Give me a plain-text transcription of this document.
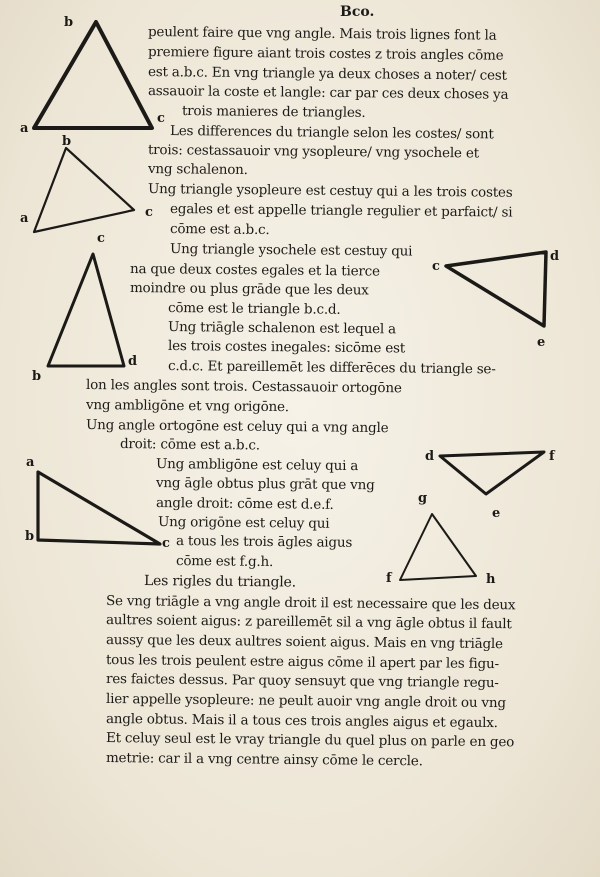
b
a
c
b
a	c
c
b
d
c
d
e
a
b	c
d	f
e
g
f	h
Bco.
peulent faire que vng angle. Mais trois lignes font la
premiere figure aiant trois costes z trois angles cōme
est a.b.c. En vng triangle ya deux choses a noter/ cest
assauoir la coste et langle: car par ces deux choses ya
trois manieres de triangles.
Les differences du triangle selon les costes/ sont
trois: cestassauoir vng ysopleure/ vng ysochele et
vng schalenon.
Ung triangle ysopleure est cestuy qui a les trois costes
egales et est appelle triangle regulier et parfaict/ si
cōme est a.b.c.
Ung triangle ysochele est cestuy qui
na que deux costes egales et la tierce
moindre ou plus grāde que les deux
cōme est le triangle b.c.d.
Ung triāgle schalenon est lequel a
les trois costes inegales: sicōme est
c.d.c. Et pareillemēt les differēces du triangle se-
lon les angles sont trois. Cestassauoir ortogōne
vng ambligōne et vng origōne.
Ung angle ortogōne est celuy qui a vng angle
droit: cōme est a.b.c.
Ung ambligōne est celuy qui a
vng āgle obtus plus grāt que vng
angle droit: cōme est d.e.f.
Ung origōne est celuy qui
a tous les trois āgles aigus
cōme est f.g.h.
Les rigles du triangle.
Se vng triāgle a vng angle droit il est necessaire que les deux
aultres soient aigus: z pareillemēt sil a vng āgle obtus il fault
aussy que les deux aultres soient aigus. Mais en vng triāgle
tous les trois peulent estre aigus cōme il apert par les figu-
res faictes dessus. Par quoy sensuyt que vng triangle regu-
lier appelle ysopleure: ne peult auoir vng angle droit ou vng
angle obtus. Mais il a tous ces trois angles aigus et egaulx.
Et celuy seul est le vray triangle du quel plus on parle en geo
metrie: car il a vng centre ainsy cōme le cercle.
